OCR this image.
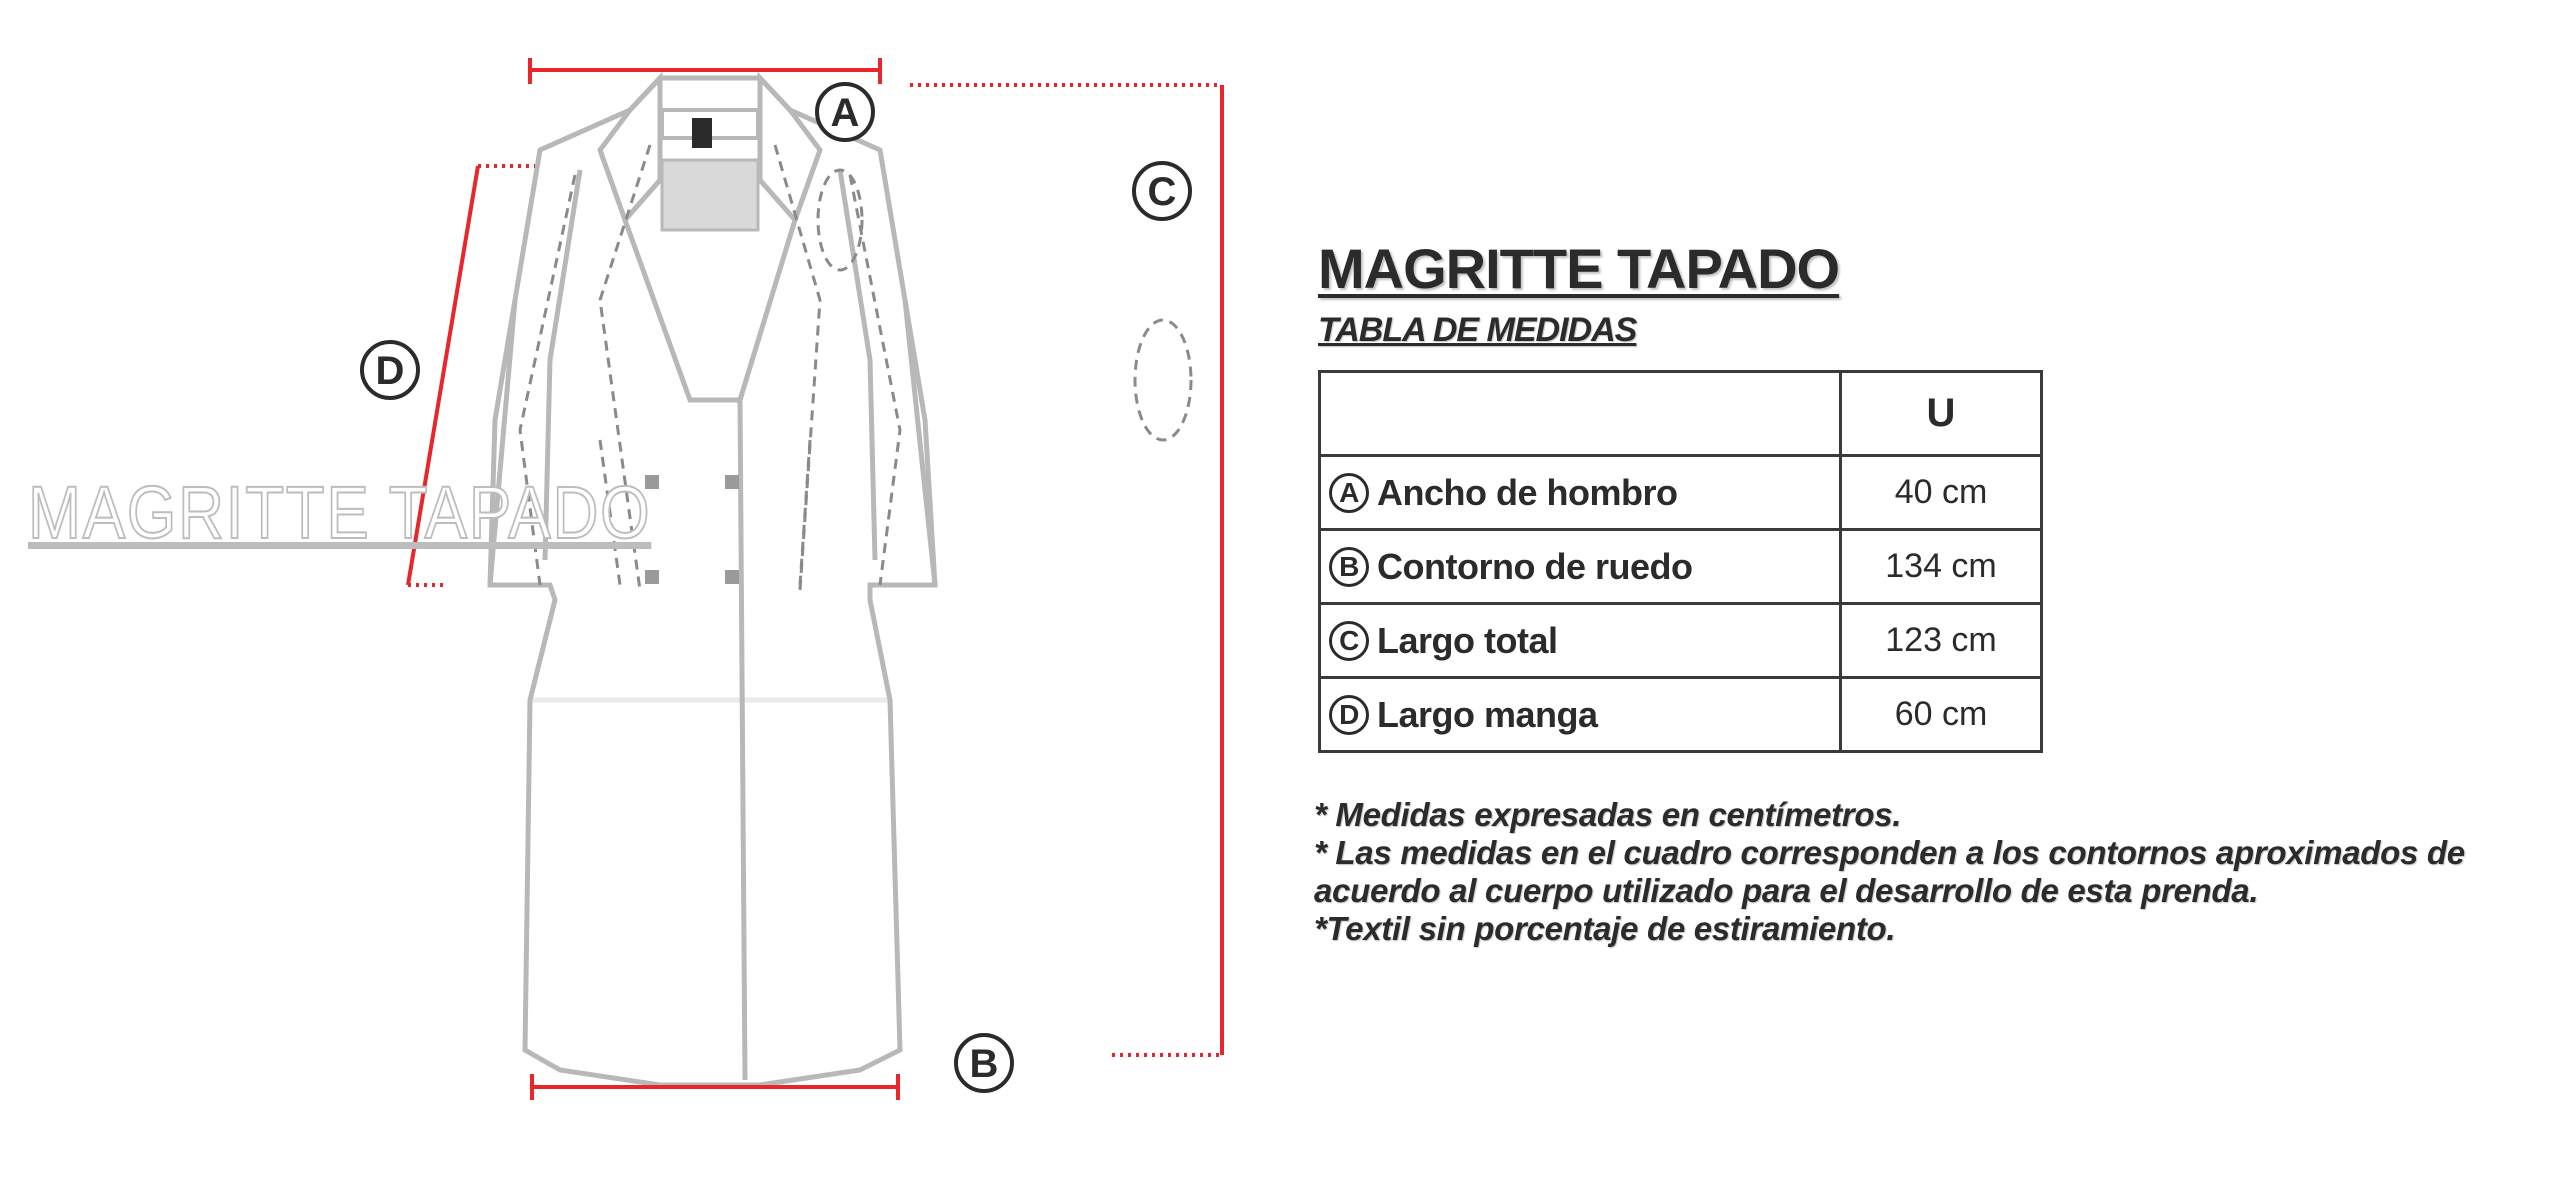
A
B
C
D
MAGRITTE TAPADO
MAGRITTE TAPADO
TABLA DE MEDIDAS
	U

A Ancho de hombro	40 cm

B Contorno de ruedo	134 cm

C Largo total	123 cm

D Largo manga	60 cm
* Medidas expresadas en centímetros.
* Las medidas en el cuadro corresponden a los contornos aproximados de acuerdo al cuerpo utilizado para el desarrollo de esta prenda.
*Textil sin porcentaje de estiramiento.
